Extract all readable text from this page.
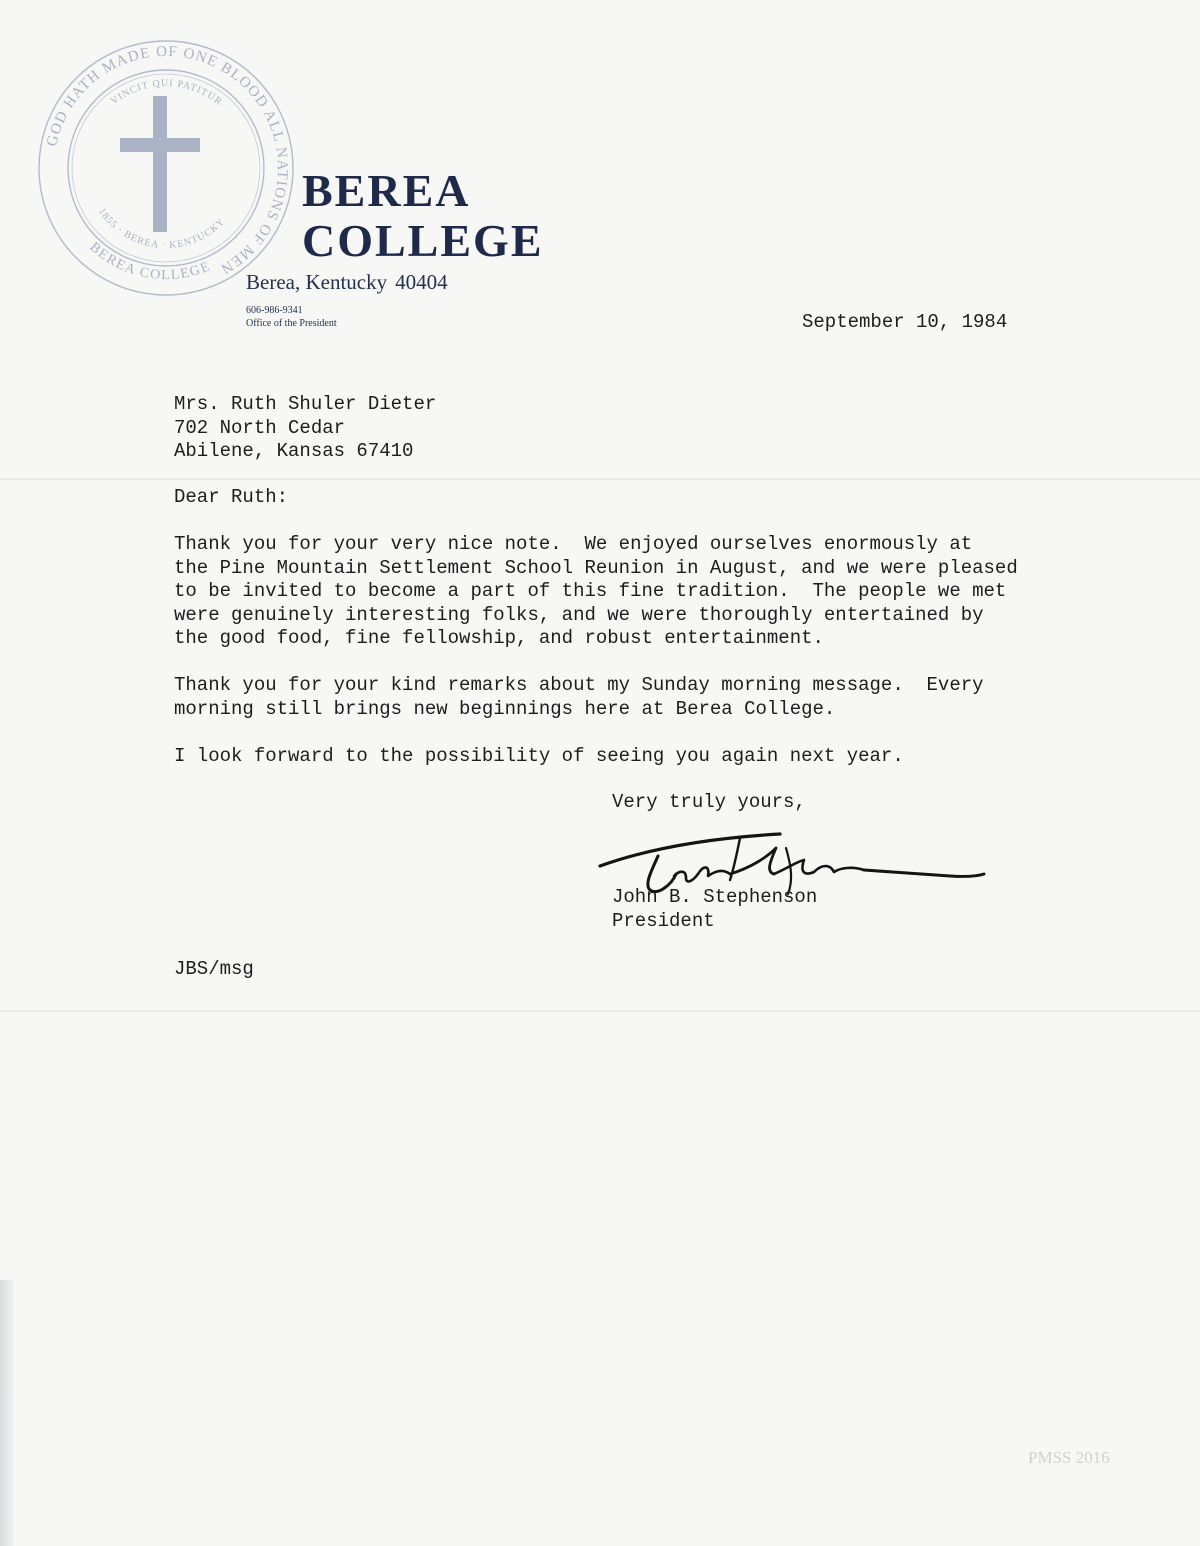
GOD HATH MADE OF ONE BLOOD ALL NATIONS OF MEN
VINCIT QUI PATITUR
1855 · BEREA · KENTUCKY
BEREA COLLEGE
BEREA
COLLEGE
Berea, Kentucky 40404
606-986-9341
Office of the President	September 10, 1984
Mrs. Ruth Shuler Dieter
702 North Cedar
Abilene, Kansas 67410
Dear Ruth:
Thank you for your very nice note.  We enjoyed ourselves enormously at
the Pine Mountain Settlement School Reunion in August, and we were pleased
to be invited to become a part of this fine tradition.  The people we met
were genuinely interesting folks, and we were thoroughly entertained by
the good food, fine fellowship, and robust entertainment.
Thank you for your kind remarks about my Sunday morning message.  Every
morning still brings new beginnings here at Berea College.
I look forward to the possibility of seeing you again next year.
Very truly yours,
John B. Stephenson
President
JBS/msg
PMSS 2016
